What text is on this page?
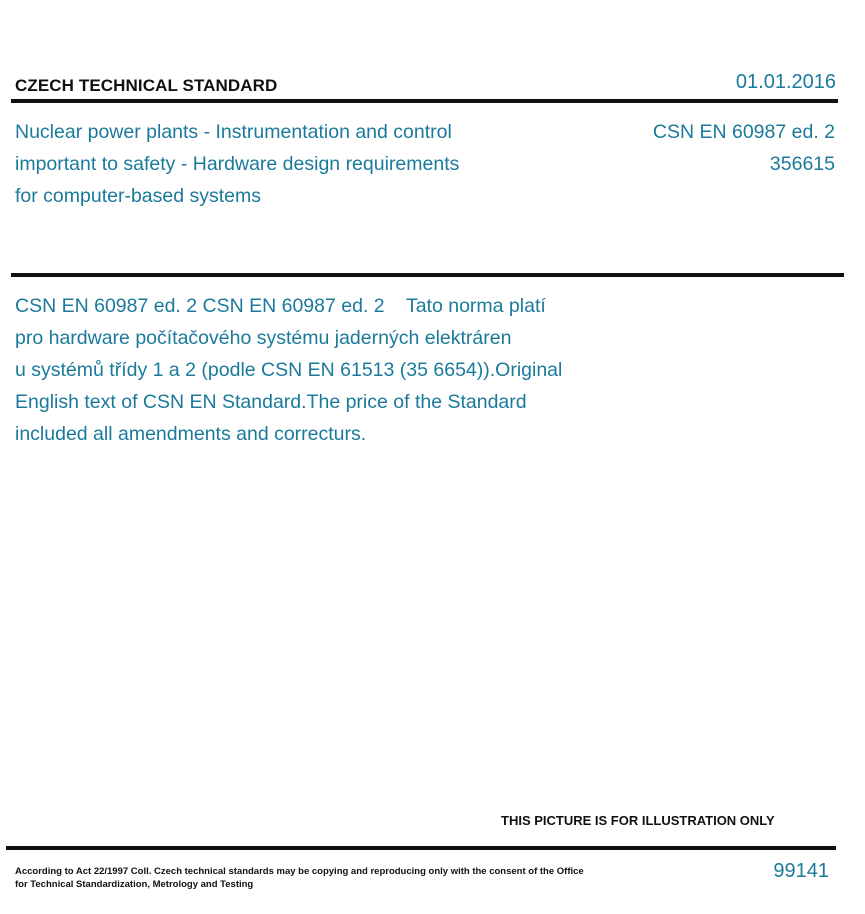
CZECH TECHNICAL STANDARD	01.01.2016
Nuclear power plants - Instrumentation and control
important to safety - Hardware design requirements
for computer-based systems
CSN EN 60987 ed. 2
356615
CSN EN 60987 ed. 2 CSN EN 60987 ed. 2    Tato norma platí
pro hardware počítačového systému jaderných elektráren
u systémů třídy 1 a 2 (podle CSN EN 61513 (35 6654)).Original
English text of CSN EN Standard.The price of the Standard
included all amendments and correcturs.
THIS PICTURE IS FOR ILLUSTRATION ONLY
According to Act 22/1997 Coll. Czech technical standards may be copying and reproducing only with the consent of the Office
for Technical Standardization, Metrology and Testing
99141
